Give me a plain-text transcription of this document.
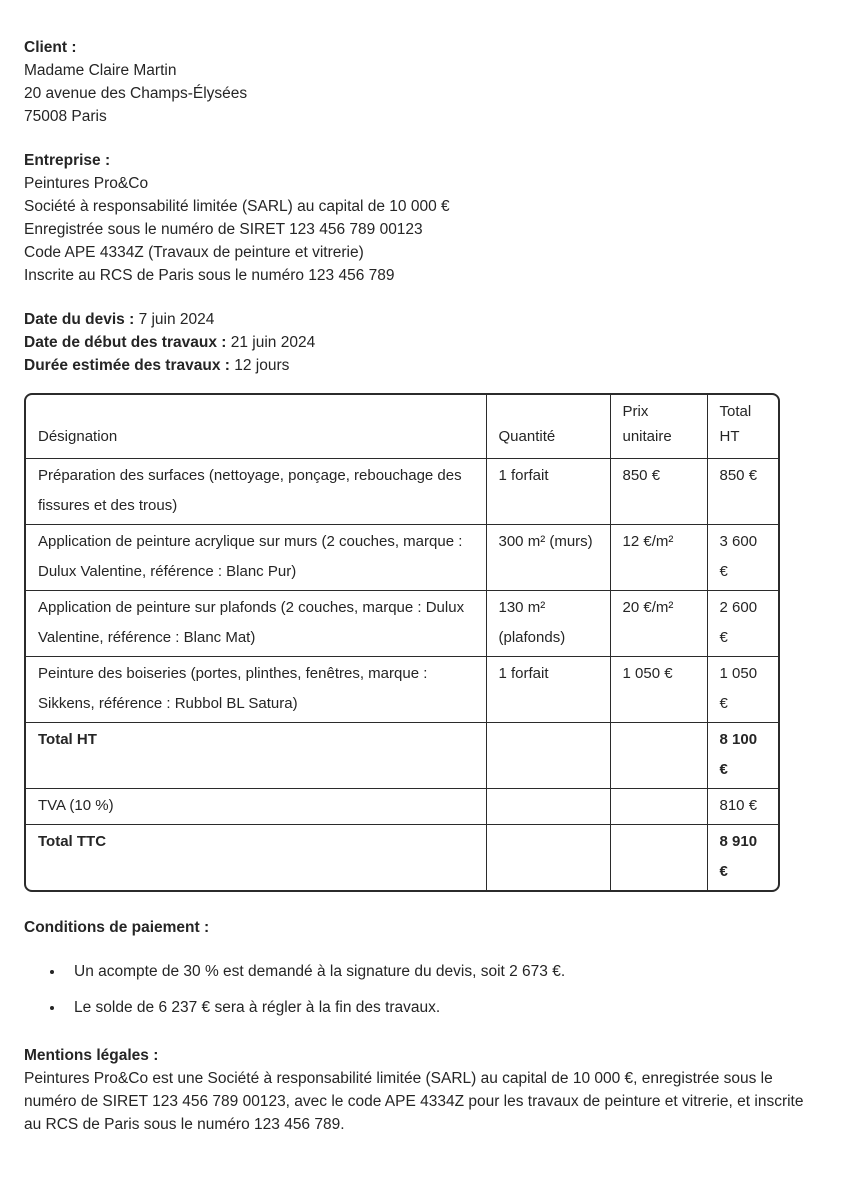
Client :
Madame Claire Martin
20 avenue des Champs-Élysées
75008 Paris
Entreprise :
Peintures Pro&Co
Société à responsabilité limitée (SARL) au capital de 10 000 €
Enregistrée sous le numéro de SIRET 123 456 789 00123
Code APE 4334Z (Travaux de peinture et vitrerie)
Inscrite au RCS de Paris sous le numéro 123 456 789
Date du devis : 7 juin 2024
Date de début des travaux : 21 juin 2024
Durée estimée des travaux : 12 jours
Désignation	Quantité	Prix unitaire	Total HT
Préparation des surfaces (nettoyage, ponçage, rebouchage des fissures et des trous)	1 forfait	850 €	850 €
Application de peinture acrylique sur murs (2 couches, marque : Dulux Valentine, référence : Blanc Pur)	300 m² (murs)	12 €/m²	3 600 €
Application de peinture sur plafonds (2 couches, marque : Dulux Valentine, référence : Blanc Mat)	130 m² (plafonds)	20 €/m²	2 600 €
Peinture des boiseries (portes, plinthes, fenêtres, marque : Sikkens, référence : Rubbol BL Satura)	1 forfait	1 050 €	1 050 €
Total HT			8 100 €
TVA (10 %)			810 €
Total TTC			8 910 €
Conditions de paiement :
• Un acompte de 30 % est demandé à la signature du devis, soit 2 673 €.
• Le solde de 6 237 € sera à régler à la fin des travaux.
Mentions légales :

Peintures Pro&Co est une Société à responsabilité limitée (SARL) au capital de 10 000 €, enregistrée sous le numéro de SIRET 123 456 789 00123, avec le code APE 4334Z pour les travaux de peinture et vitrerie, et inscrite au RCS de Paris sous le numéro 123 456 789.
